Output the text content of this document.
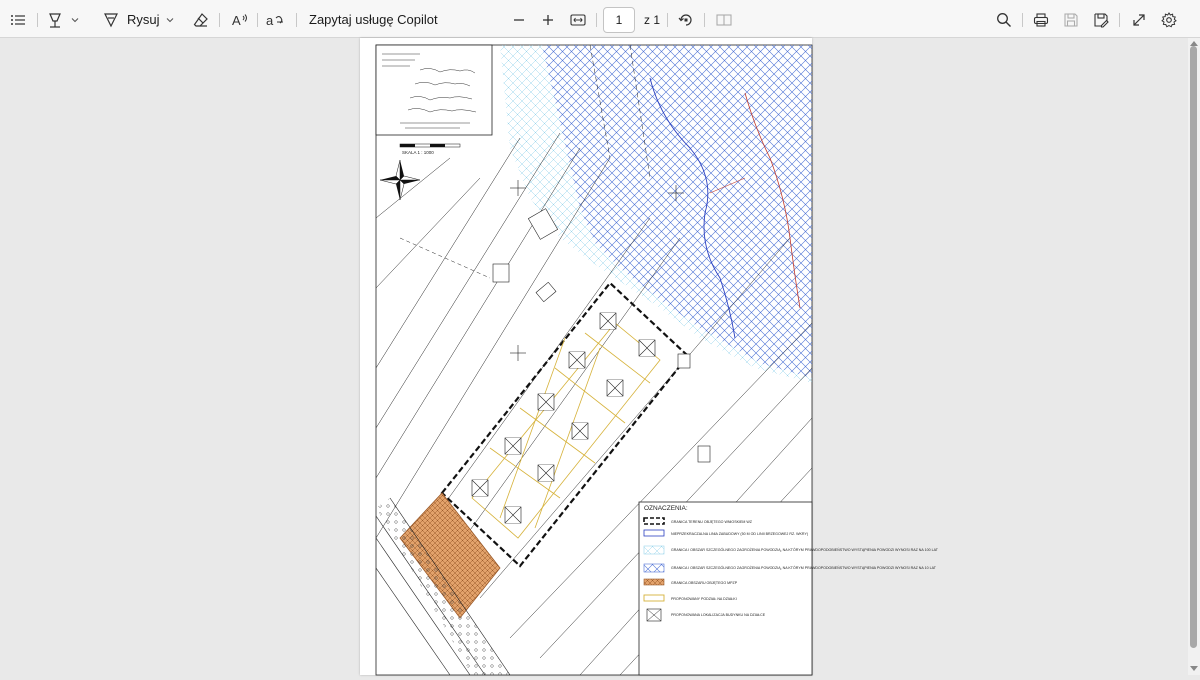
Rysuj	A a	Zapytaj usługę Copilot
1	z 1
SKALA 1 : 1000
OZNACZENIA:
GRANICA TERENU OBJĘTEGO WNIOSKIEM WZ
NIEPRZEKRACZALNA LINIA ZABUDOWY (50 M OD LINII BRZEGOWEJ RZ. WKRY)
GRANICA I OBSZAR SZCZEGÓLNEGO ZAGROŻENIA POWODZIĄ, NA KTÓRYM PRAWDOPODOBIEŃSTWO WYSTĄPIENIA POWODZI WYNOSI RAZ NA 100 LAT
GRANICA I OBSZAR SZCZEGÓLNEGO ZAGROŻENIA POWODZIĄ, NA KTÓRYM PRAWDOPODOBIEŃSTWO WYSTĄPIENIA POWODZI WYNOSI RAZ NA 10 LAT
GRANICA OBSZARU OBJĘTEGO MPZP
PROPONOWANY PODZIAŁ NA DZIAŁKI
PROPONOWANA LOKALIZACJA BUDYNKU NA DZIAŁCE
